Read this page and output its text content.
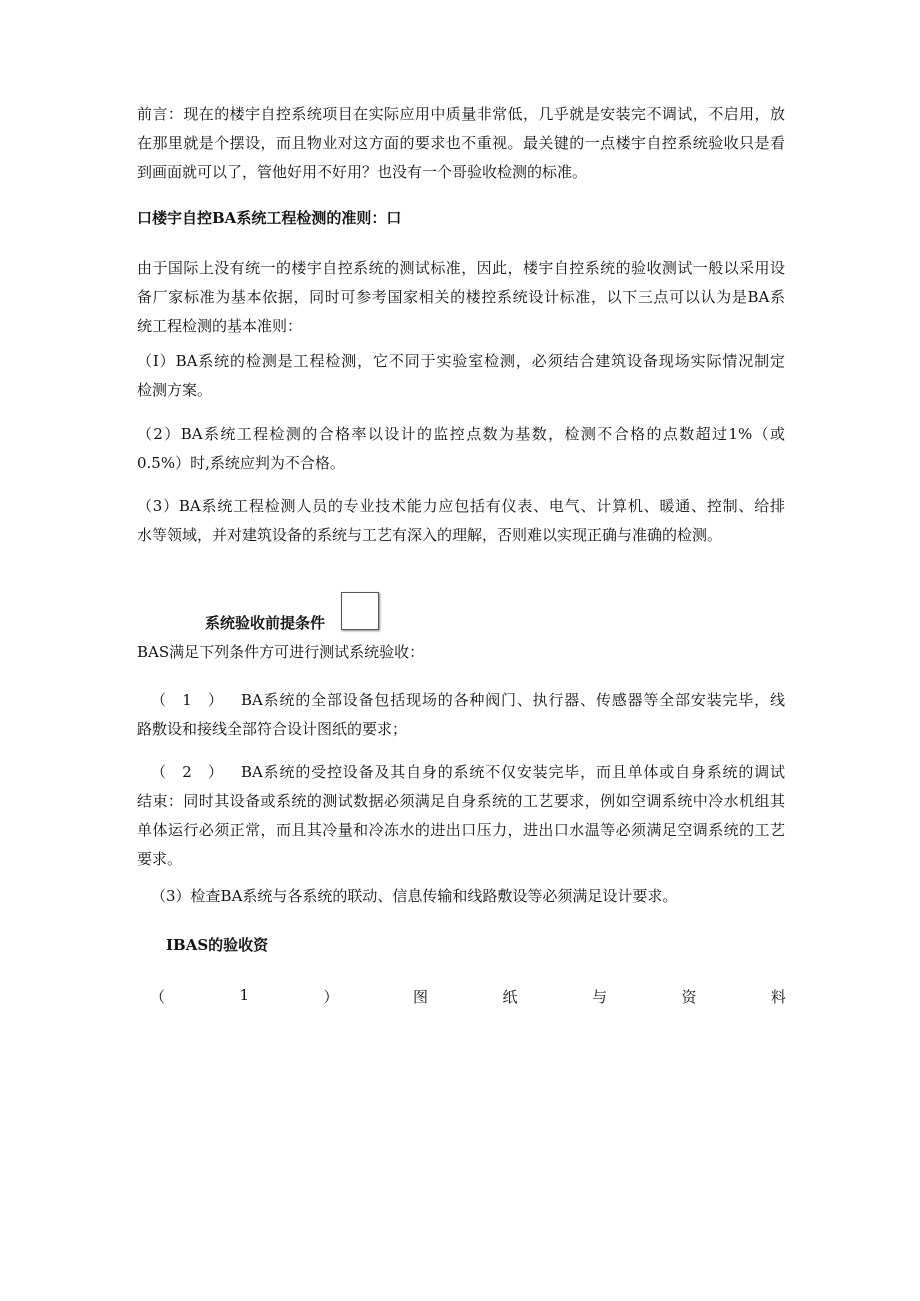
前言：现在的楼宇自控系统项目在实际应用中质量非常低，几乎就是安装完不调试，不启用，放
在那里就是个摆设，而且物业对这方面的要求也不重视。最关键的一点楼宇自控系统验收只是看
到画面就可以了，管他好用不好用？也没有一个哥验收检测的标准。
口楼宇自控BA系统工程检测的准则：口
由于国际上没有统一的楼宇自控系统的测试标准，因此，楼宇自控系统的验收测试一般以采用设
备厂家标准为基本依据，同时可参考国家相关的楼控系统设计标准，以下三点可以认为是BA系
统工程检测的基本准则：
（I）BA系统的检测是工程检测，它不同于实验室检测，必须结合建筑设备现场实际情况制定
检测方案。
（2）BA系统工程检测的合格率以设计的监控点数为基数，检测不合格的点数超过1%（或
0.5%）时,系统应判为不合格。
（3）BA系统工程检测人员的专业技术能力应包括有仪表、电气、计算机、暖通、控制、给排
水等领域，并对建筑设备的系统与工艺有深入的理解，否则难以实现正确与准确的检测。
系统验收前提条件
BAS满足下列条件方可进行测试系统验收：
（1） BA系统的全部设备包括现场的各种阀门、执行器、传感器等全部安装完毕，线
路敷设和接线全部符合设计图纸的要求；
（2） BA系统的受控设备及其自身的系统不仅安装完毕，而且单体或自身系统的调试
结束：同时其设备或系统的测试数据必须满足自身系统的工艺要求，例如空调系统中冷水机组其
单体运行必须正常，而且其冷量和冷冻水的进出口压力，进出口水温等必须满足空调系统的工艺
要求。
（3）检查BA系统与各系统的联动、信息传输和线路敷设等必须满足设计要求。
IBAS的验收资
（	1	）	图	纸	与	资	料
